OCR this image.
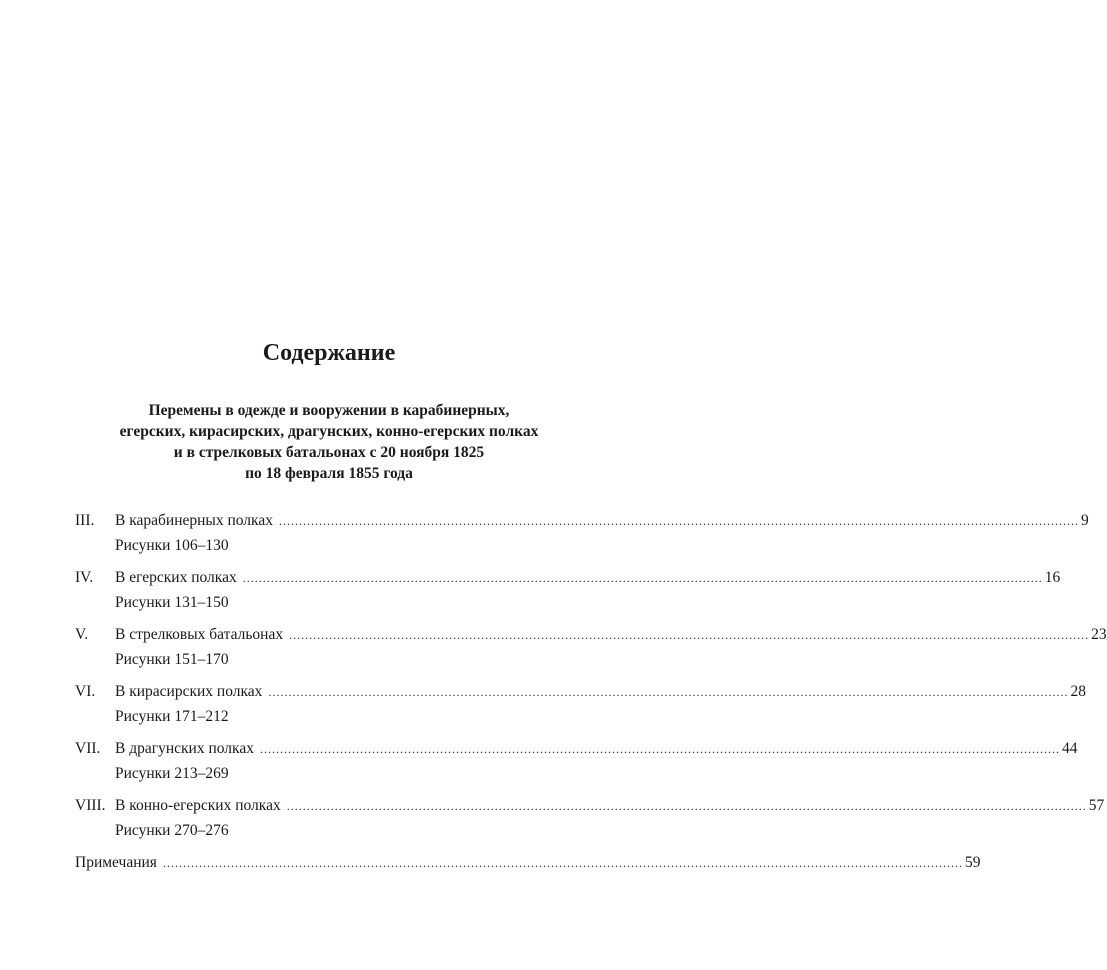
Содержание
Перемены в одежде и вооружении в карабинерных,
егерских, кирасирских, драгунских, конно-егерских полках
и в стрелковых батальонах с 20 ноября 1825
по 18 февраля 1855 года
III.	В карабинерных полках ........................................................................................................................................................................................................ 9
Рисунки 106–130
IV.	В егерских полках ........................................................................................................................................................................................................ 16
Рисунки 131–150
V.	В стрелковых батальонах ........................................................................................................................................................................................................ 23
Рисунки 151–170
VI.	В кирасирских полках ........................................................................................................................................................................................................ 28
Рисунки 171–212
VII. В драгунских полках ........................................................................................................................................................................................................ 44
Рисунки 213–269
VIII. В конно-егерских полках ........................................................................................................................................................................................................ 57
Рисунки 270–276
Примечания ........................................................................................................................................................................................................ 59
